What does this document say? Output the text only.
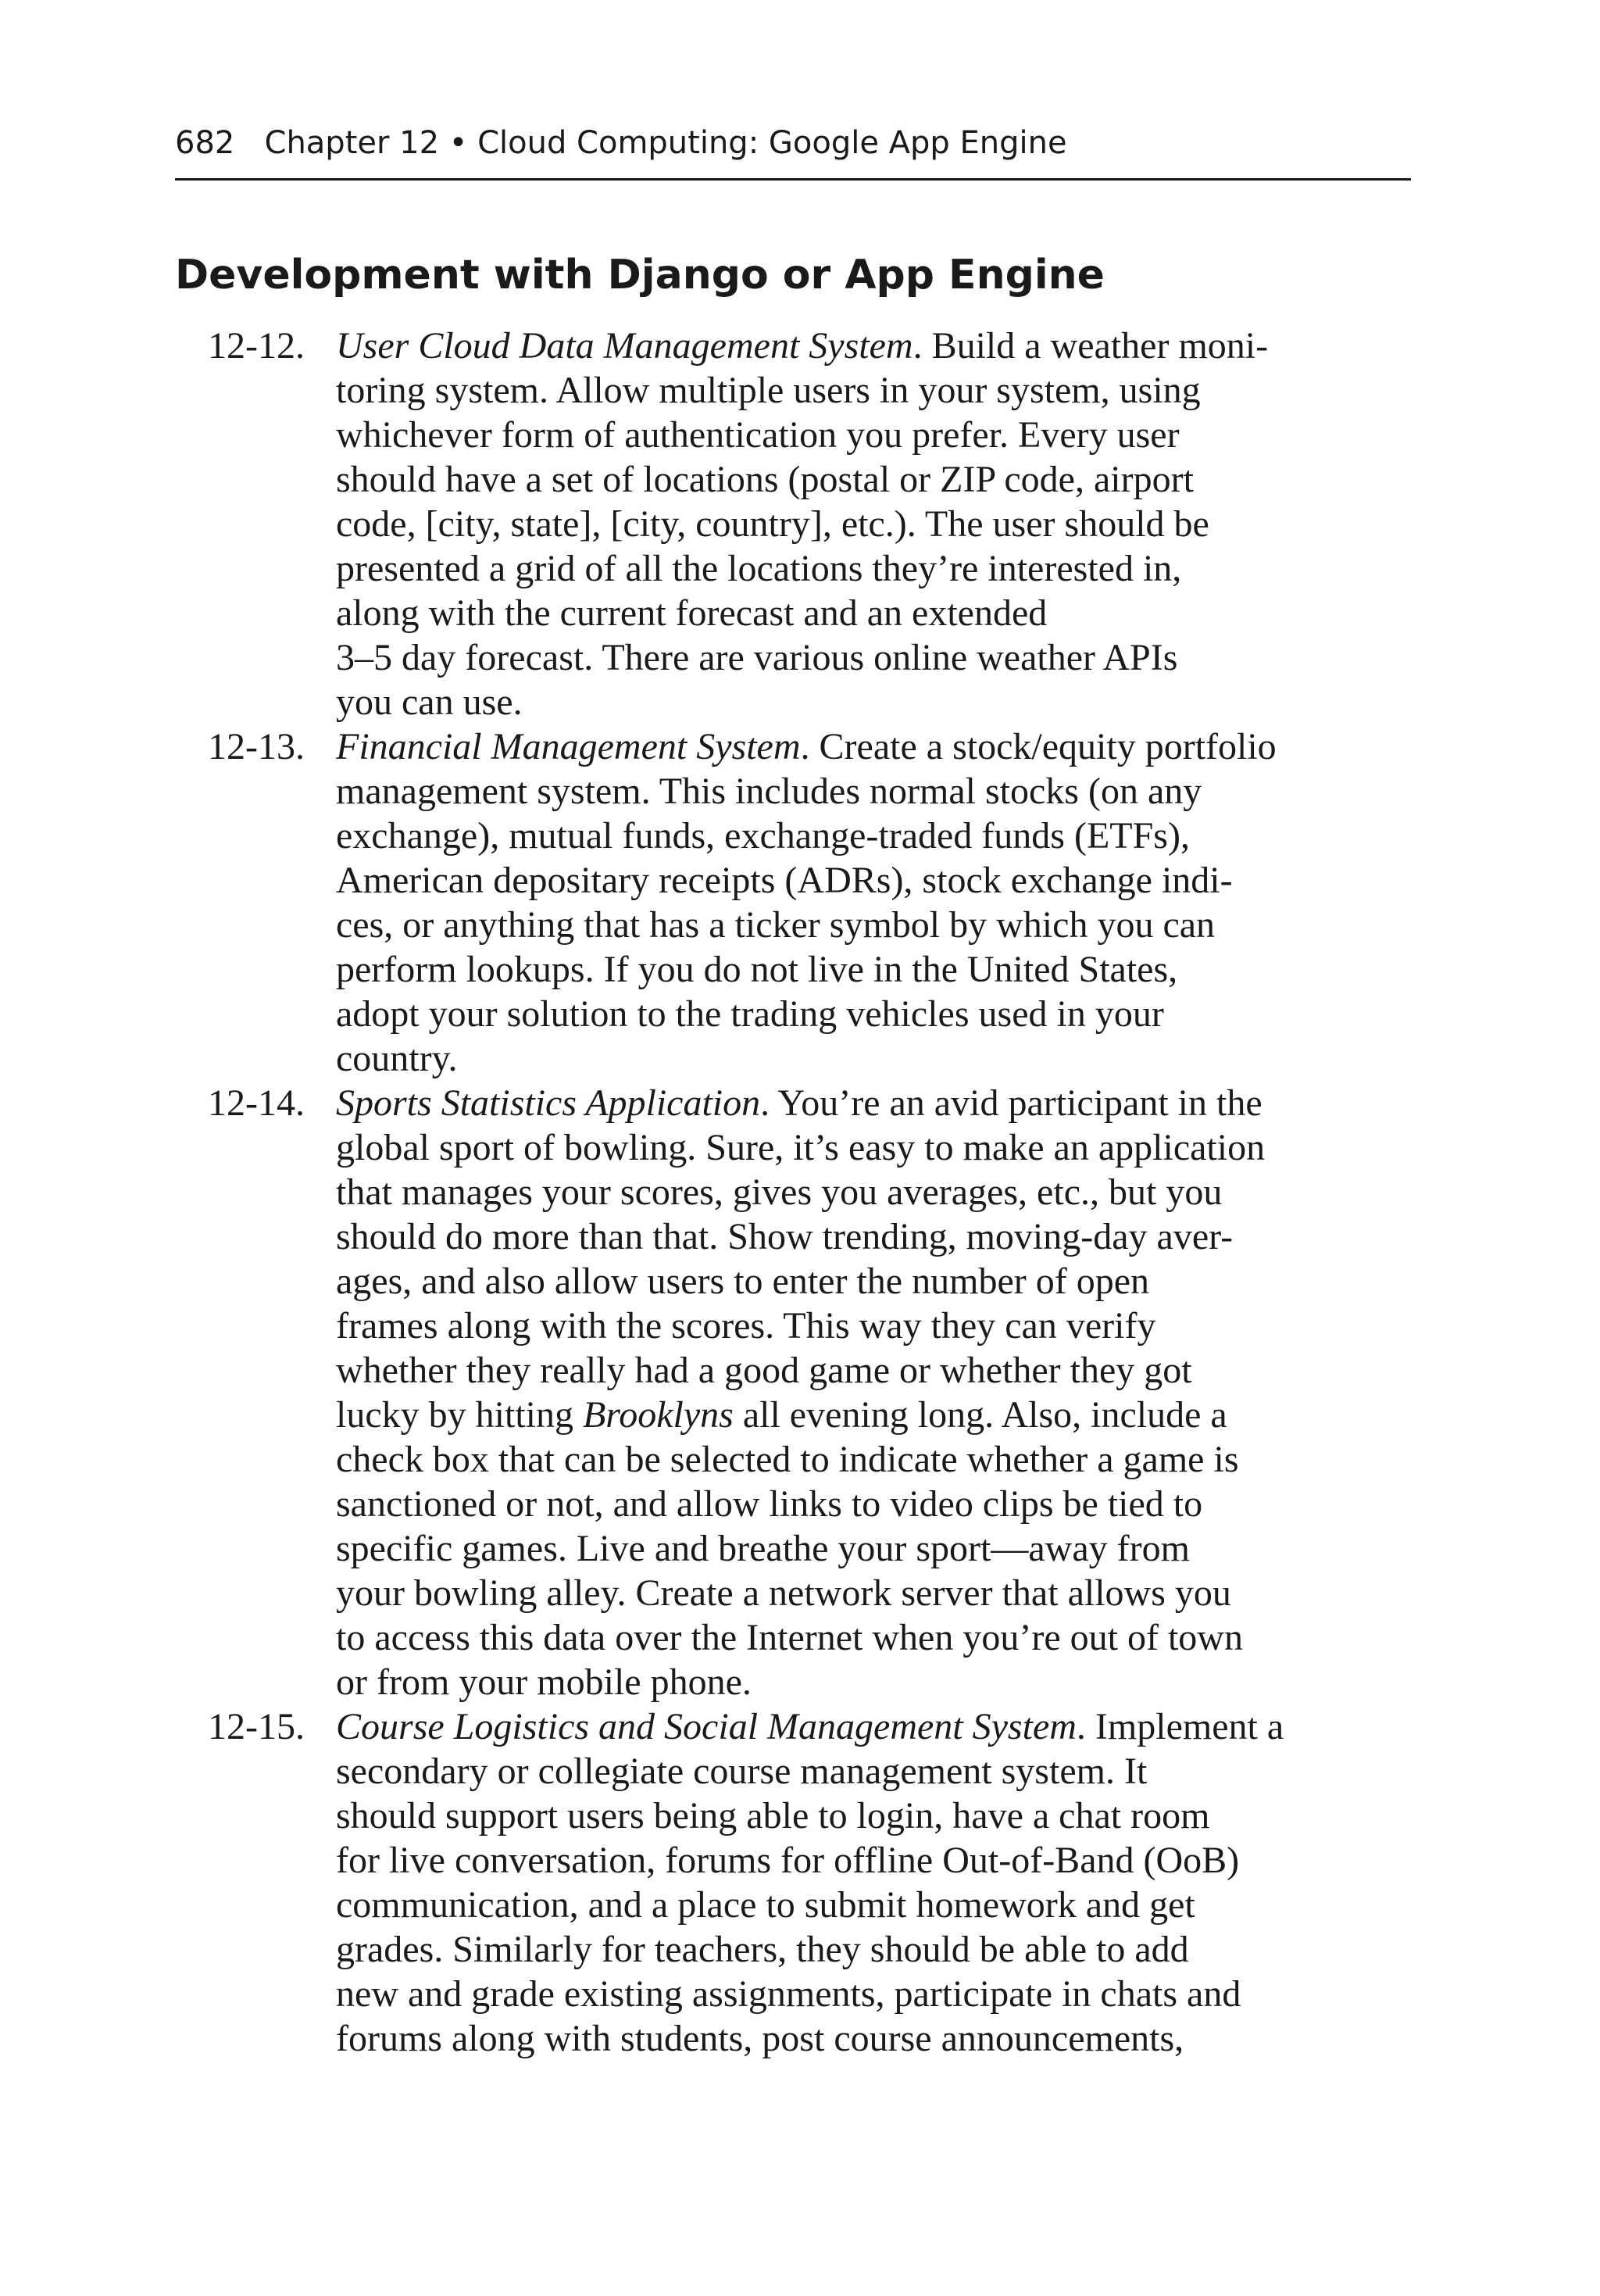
682 Chapter 12 • Cloud Computing: Google App Engine
Development with Django or App Engine
12-12. User Cloud Data Management System. Build a weather moni-
toring system. Allow multiple users in your system, using
whichever form of authentication you prefer. Every user
should have a set of locations (postal or ZIP code, airport
code, [city, state], [city, country], etc.). The user should be
presented a grid of all the locations they’re interested in,
along with the current forecast and an extended
3–5 day forecast. There are various online weather APIs
you can use.
12-13. Financial Management System. Create a stock/equity portfolio
management system. This includes normal stocks (on any
exchange), mutual funds, exchange-traded funds (ETFs),
American depositary receipts (ADRs), stock exchange indi-
ces, or anything that has a ticker symbol by which you can
perform lookups. If you do not live in the United States,
adopt your solution to the trading vehicles used in your
country.
12-14. Sports Statistics Application. You’re an avid participant in the
global sport of bowling. Sure, it’s easy to make an application
that manages your scores, gives you averages, etc., but you
should do more than that. Show trending, moving-day aver-
ages, and also allow users to enter the number of open
frames along with the scores. This way they can verify
whether they really had a good game or whether they got
lucky by hitting Brooklyns all evening long. Also, include a
check box that can be selected to indicate whether a game is
sanctioned or not, and allow links to video clips be tied to
specific games. Live and breathe your sport—away from
your bowling alley. Create a network server that allows you
to access this data over the Internet when you’re out of town
or from your mobile phone.
12-15. Course Logistics and Social Management System. Implement a
secondary or collegiate course management system. It
should support users being able to login, have a chat room
for live conversation, forums for offline Out-of-Band (OoB)
communication, and a place to submit homework and get
grades. Similarly for teachers, they should be able to add
new and grade existing assignments, participate in chats and
forums along with students, post course announcements,
